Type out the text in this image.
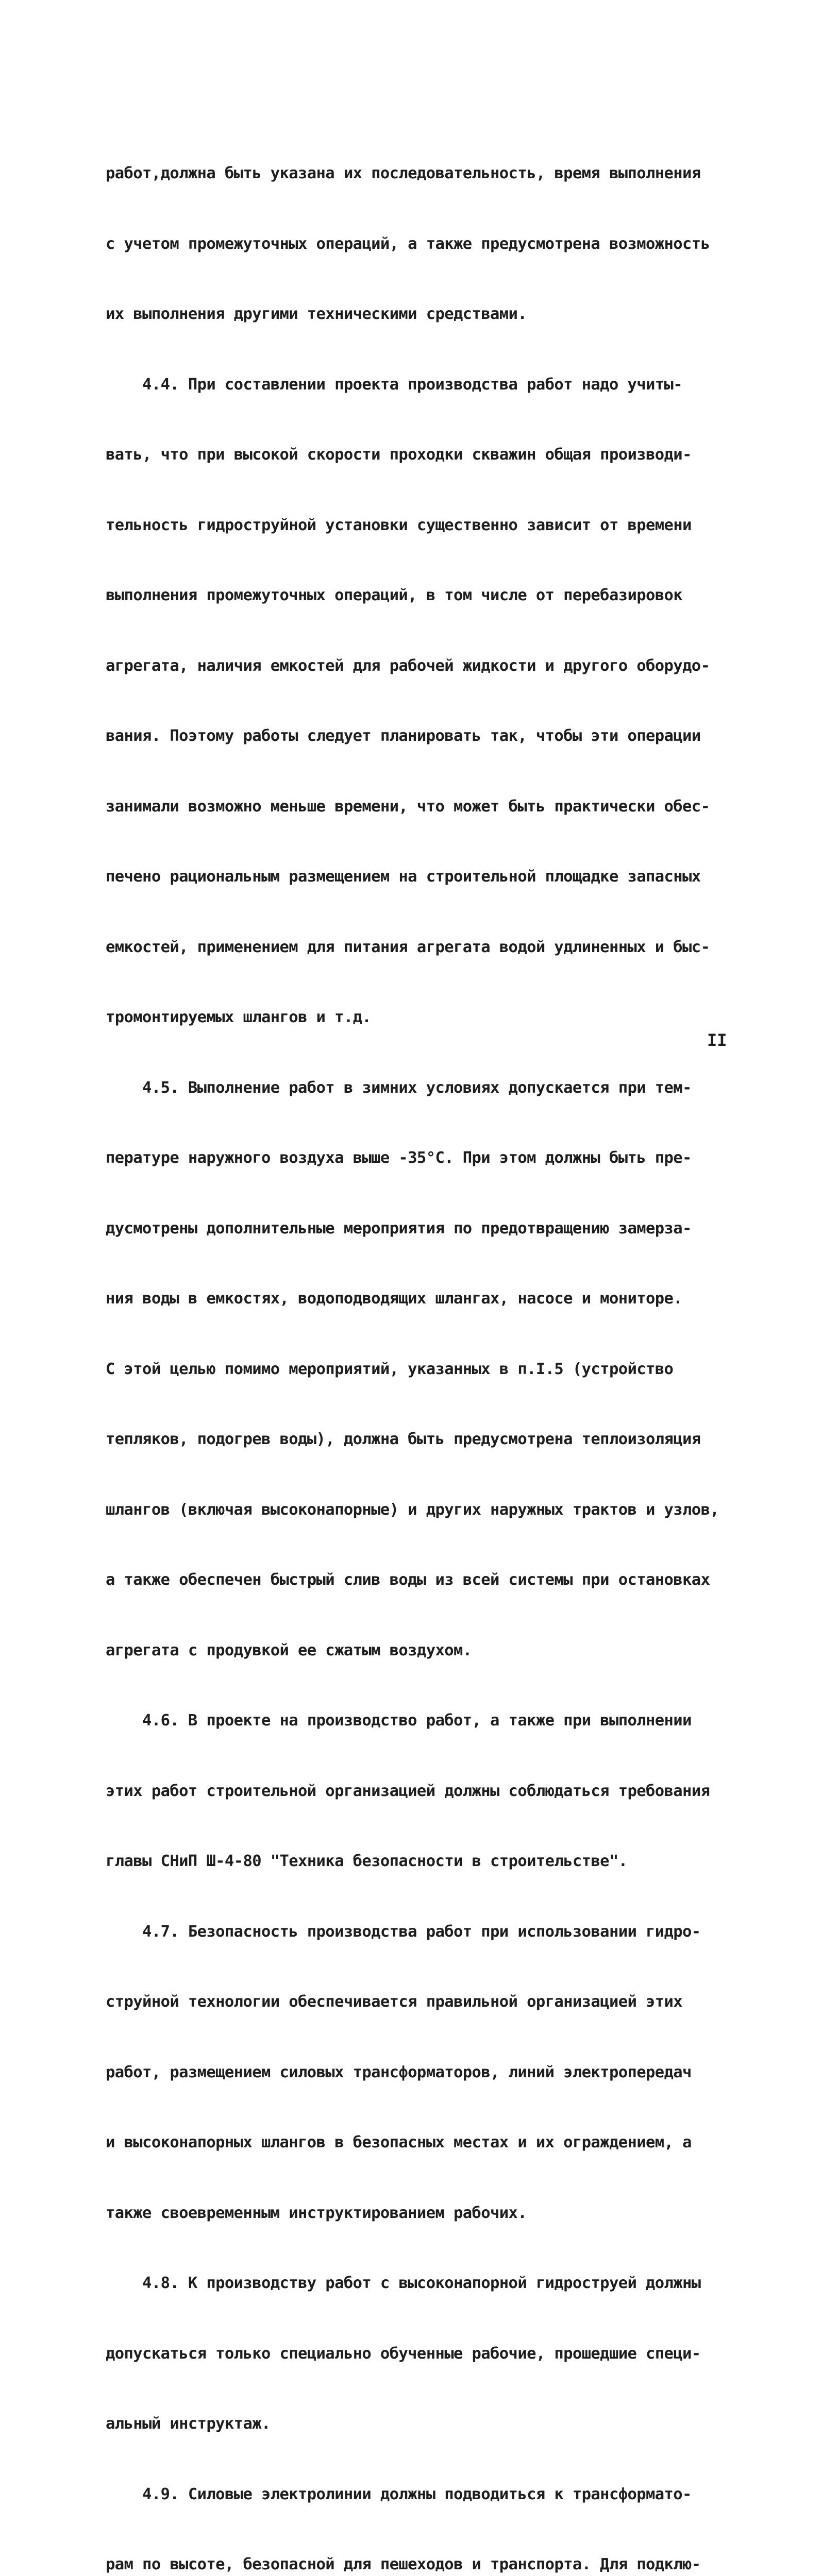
работ,должна быть указана их последовательность, время выполнения

с учетом промежуточных операций, а также предусмотрена возможность

их выполнения другими техническими средствами.

4.4. При составлении проекта производства работ надо учиты-

вать, что при высокой скорости проходки скважин общая производи-

тельность гидроструйной установки существенно зависит от времени

выполнения промежуточных операций, в том числе от перебазировок

агрегата, наличия емкостей для рабочей жидкости и другого оборудо-

вания. Поэтому работы следует планировать так, чтобы эти операции

занимали возможно меньше времени, что может быть практически обес-

печено рациональным размещением на строительной площадке запасных

емкостей, применением для питания агрегата водой удлиненных и быс-

тромонтируемых шлангов и т.д.

4.5. Выполнение работ в зимних условиях допускается при тем-

пературе наружного воздуха выше -35°С. При этом должны быть пре-

дусмотрены дополнительные мероприятия по предотвращению замерза-

ния воды в емкостях, водоподводящих шлангах, насосе и мониторе.

С этой целью помимо мероприятий, указанных в п.I.5 (устройство

тепляков, подогрев воды), должна быть предусмотрена теплоизоляция

шлангов (включая высоконапорные) и других наружных трактов и узлов,

а также обеспечен быстрый слив воды из всей системы при остановках

агрегата с продувкой ее сжатым воздухом.

4.6. В проекте на производство работ, а также при выполнении

этих работ строительной организацией должны соблюдаться требования

главы СНиП Ш-4-80 "Техника безопасности в строительстве".

4.7. Безопасность производства работ при использовании гидро-

струйной технологии обеспечивается правильной организацией этих

работ, размещением силовых трансформаторов, линий электропередач

и высоконапорных шлангов в безопасных местах и их ограждением, а

также своевременным инструктированием рабочих.

4.8. К производству работ с высоконапорной гидроструей должны

допускаться только специально обученные рабочие, прошедшие специ-

альный инструктаж.

4.9. Силовые электролинии должны подводиться к трансформато-

рам по высоте, безопасной для пешеходов и транспорта. Для подклю-

II
